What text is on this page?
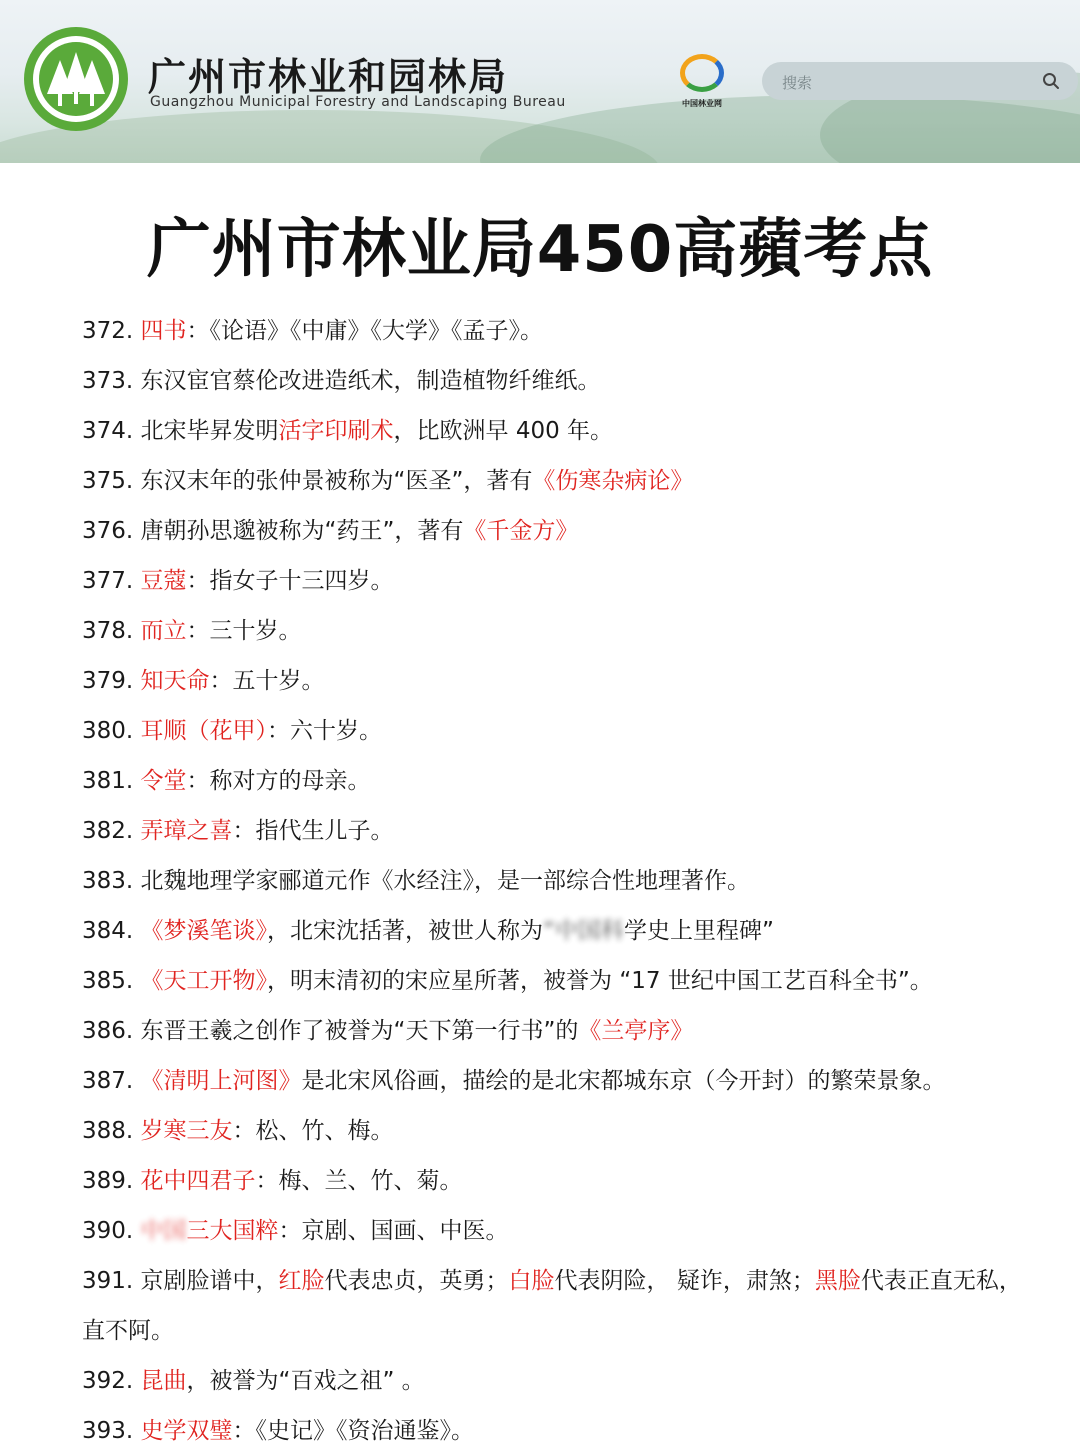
广州市林业和园林局
Guangzhou Municipal Forestry and Landscaping Bureau	中国林业网
搜索
广州市林业局450高蘋考点
372. 四书：《论语》《中庸》《大学》《孟子》。
373. 东汉宦官蔡伦改进造纸术，制造植物纤维纸。
374. 北宋毕昇发明活字印刷术，比欧洲早 400 年。
375. 东汉末年的张仲景被称为“医圣”，著有《伤寒杂病论》
376. 唐朝孙思邈被称为“药王”，著有《千金方》
377. 豆蔻：指女子十三四岁。
378. 而立：三十岁。
379. 知天命：五十岁。
380. 耳顺（花甲）：六十岁。
381. 令堂：称对方的母亲。
382. 弄璋之喜：指代生儿子。
383. 北魏地理学家郦道元作《水经注》，是一部综合性地理著作。
384. 《梦溪笔谈》，北宋沈括著，被世人称为“中国科学史上里程碑”
385. 《天工开物》，明末清初的宋应星所著，被誉为 “17 世纪中国工艺百科全书”。
386. 东晋王羲之创作了被誉为“天下第一行书”的《兰亭序》
387. 《清明上河图》是北宋风俗画，描绘的是北宋都城东京（今开封）的繁荣景象。
388. 岁寒三友：松、竹、梅。
389. 花中四君子：梅、兰、竹、菊。
390. 中国三大国粹：京剧、国画、中医。
391. 京剧脸谱中，红脸代表忠贞，英勇；白脸代表阴险， 疑诈，肃煞；黑脸代表正直无私，
直不阿。
392. 昆曲，被誉为“百戏之祖” 。
393. 史学双璧：《史记》《资治通鉴》。
